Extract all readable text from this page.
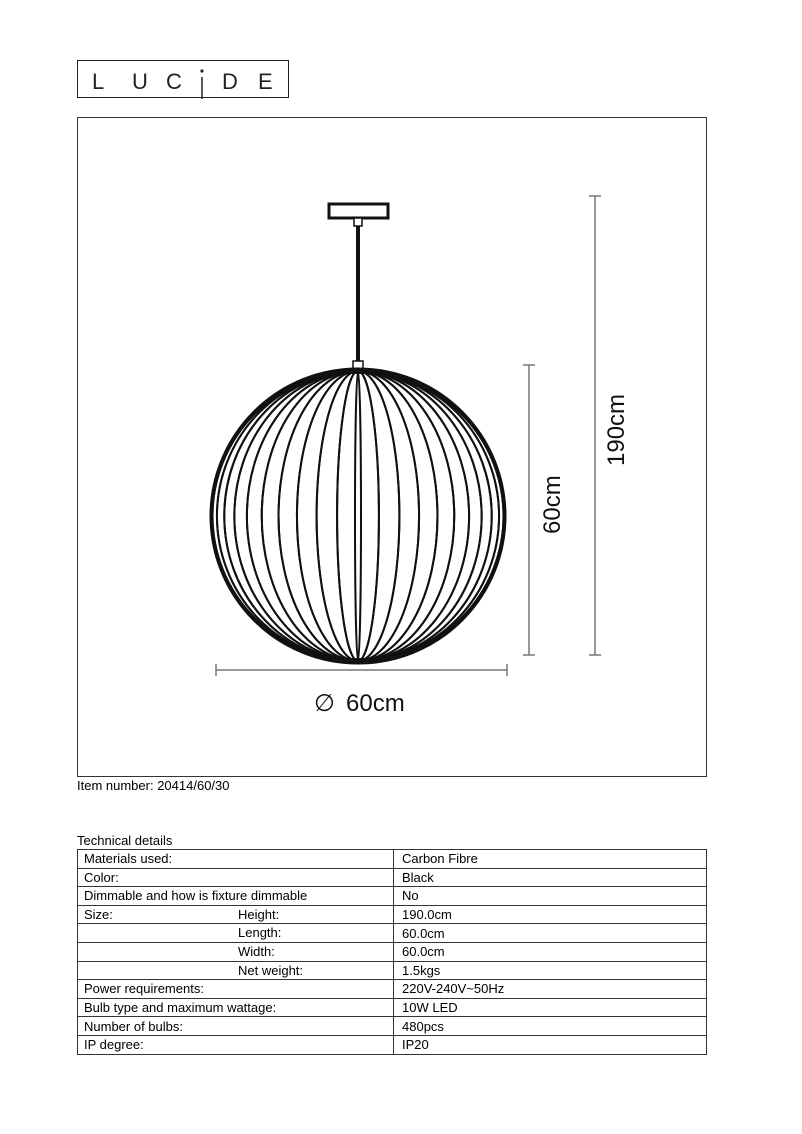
L U C D E
190cm
60cm
∅ 60cm
Item number: 20414/60/30
Technical details
Materials used:	Carbon Fibre
Color:	Black
Dimmable and how is fixture dimmable	No
Size: Height:	190.0cm

Length:	60.0cm

Width:	60.0cm

Net weight:	1.5kgs
Power requirements:	220V-240V~50Hz
Bulb type and maximum wattage:	10W LED
Number of bulbs:	480pcs
IP degree:	IP20
